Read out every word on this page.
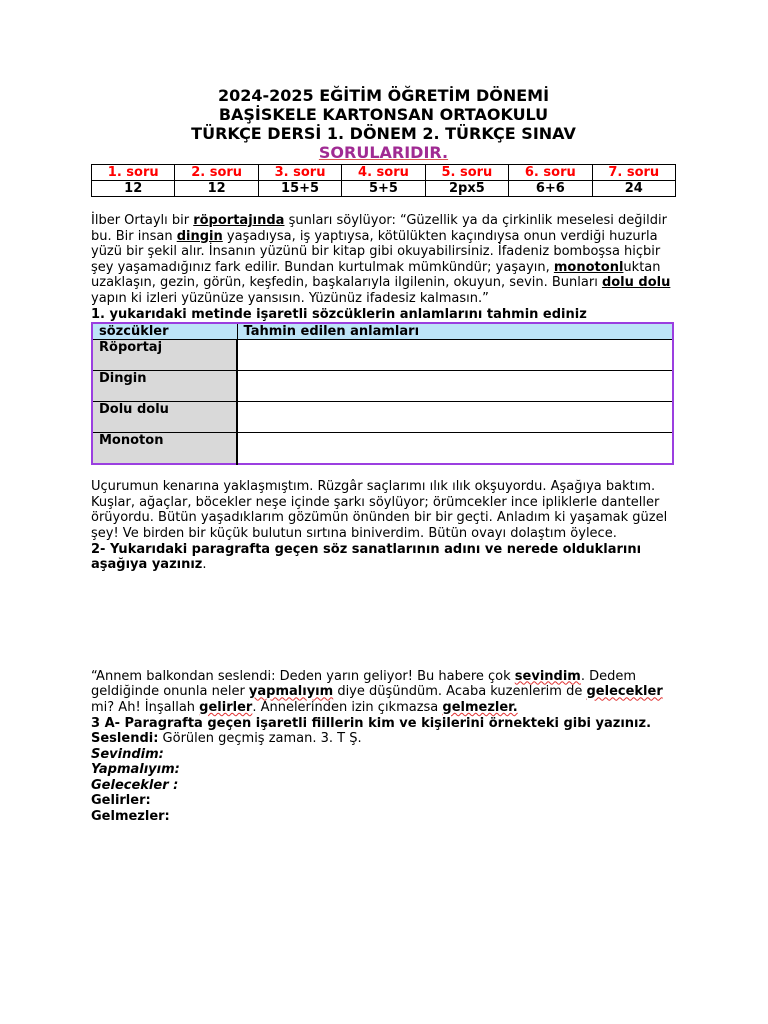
2024-2025 EĞİTİM ÖĞRETİM DÖNEMİ
BAŞİSKELE KARTONSAN ORTAOKULU
TÜRKÇE DERSİ 1. DÖNEM 2. TÜRKÇE SINAV
SORULARIDIR.
1. soru	2. soru	3. soru	4. soru	5. soru	6. soru	7. soru
12	12	15+5	5+5	2px5	6+6	24

İlber Ortaylı bir röportajında şunları söylüyor: “Güzellik ya da çirkinlik meselesi değildir bu. Bir insan dingin yaşadıysa, iş yaptıysa, kötülükten kaçındıysa onun verdiği huzurla yüzü bir şekil alır. İnsanın yüzünü bir kitap gibi okuyabilirsiniz. İfadeniz bomboşsa hiçbir şey yaşamadığınız fark edilir. Bundan kurtulmak mümkündür; yaşayın, monotonluktan uzaklaşın, gezin, görün, keşfedin, başkalarıyla ilgilenin, okuyun, sevin. Bunları dolu dolu yapın ki izleri yüzünüze yansısın. Yüzünüz ifadesiz kalmasın.”

1. yukarıdaki metinde işaretli sözcüklerin anlamlarını tahmin ediniz

sözcükler	Tahmin edilen anlamları
Röportaj	
Dingin	
Dolu dolu	
Monoton	

Uçurumun kenarına yaklaşmıştım. Rüzgâr saçlarımı ılık ılık okşuyordu. Aşağıya baktım. Kuşlar, ağaçlar, böcekler neşe içinde şarkı söylüyor; örümcekler ince ipliklerle danteller örüyordu. Bütün yaşadıklarım gözümün önünden bir bir geçti. Anladım ki yaşamak güzel şey! Ve birden bir küçük bulutun sırtına biniverdim. Bütün ovayı dolaştım öylece.

2- Yukarıdaki paragrafta geçen söz sanatlarının adını ve nerede olduklarını aşağıya yazınız.

“Annem balkondan seslendi: Deden yarın geliyor! Bu habere çok sevindim. Dedem geldiğinde onunla neler yapmalıyım diye düşündüm. Acaba kuzenlerim de gelecekler mi? Ah! İnşallah gelirler. Annelerinden izin çıkmazsa gelmezler.

3 A- Paragrafta geçen işaretli fiillerin kim ve kişilerini örnekteki gibi yazınız.

Seslendi: Görülen geçmiş zaman. 3. T Ş.

Sevindim:

Yapmalıyım:

Gelecekler :

Gelirler:

Gelmezler:
